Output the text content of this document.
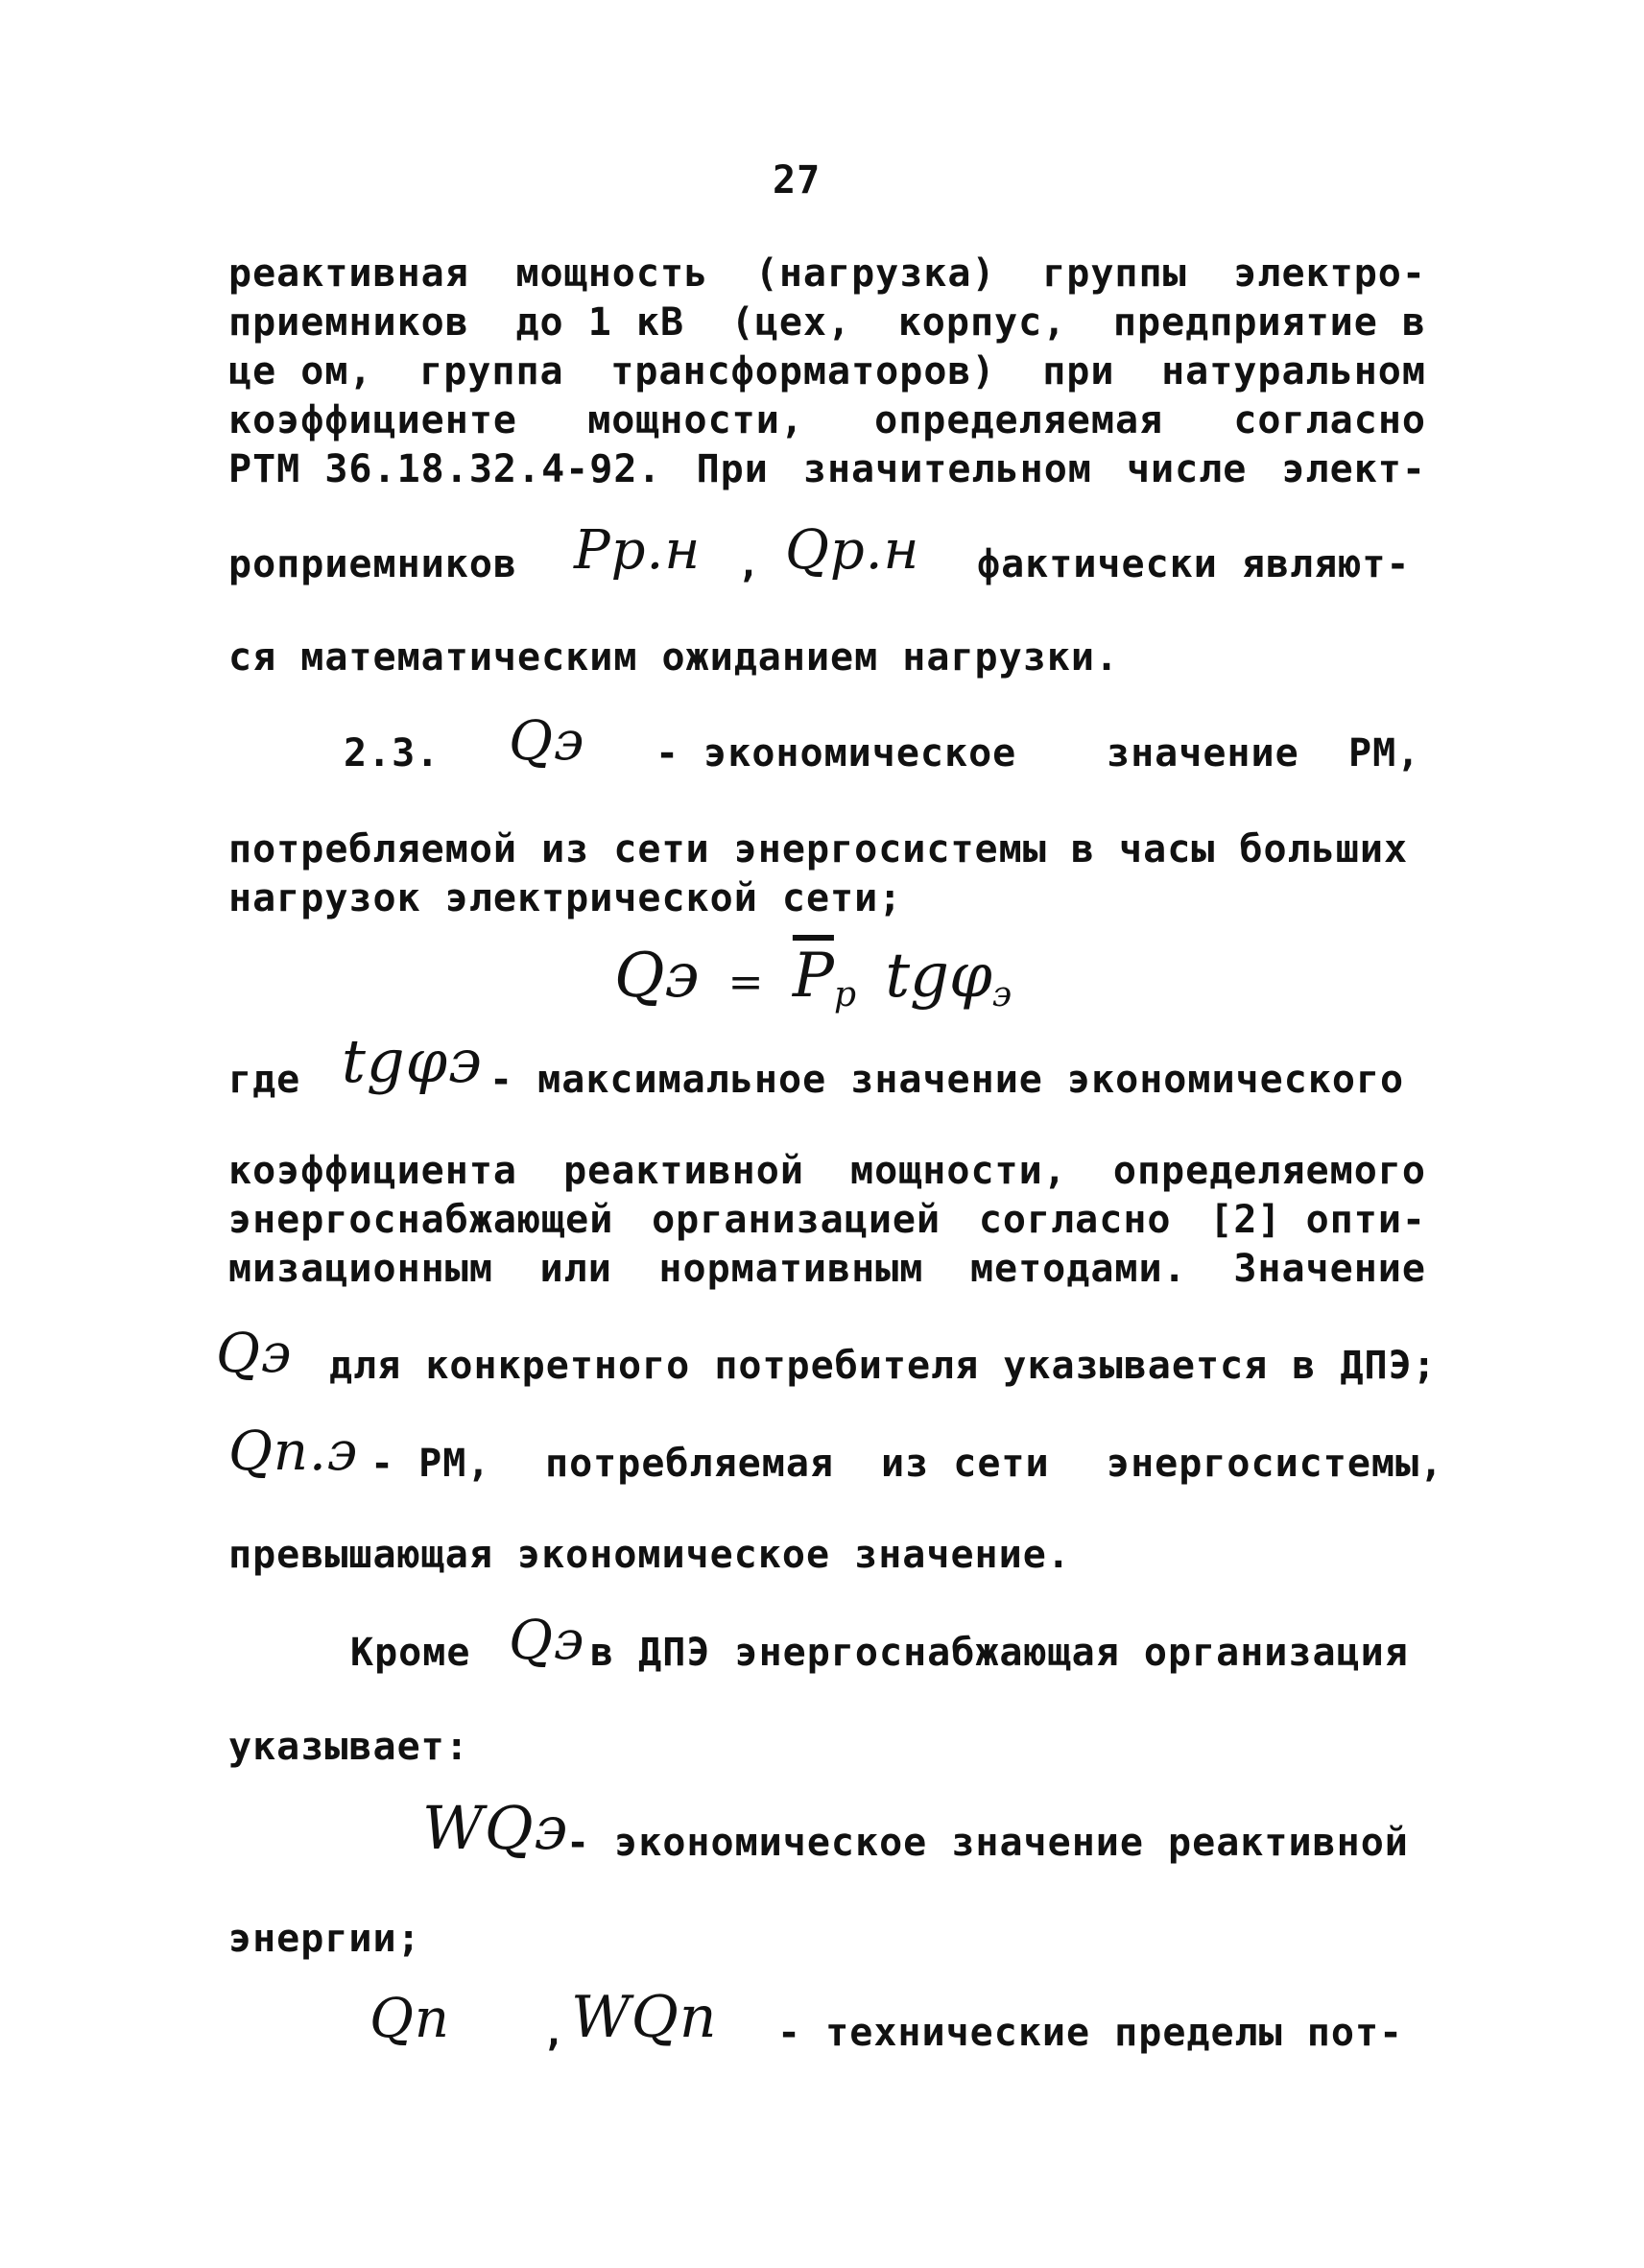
27
реактивная мощность (нагрузка) группы электро-
приемников до 1 кВ (цех, корпус, предприятие в
це ом, группа трансформаторов) при натуральном
коэффициенте мощности, определяемая согласно
РТМ 36.18.32.4-92. При значительном числе элект-
роприемников Pр.н , Qр.н фактически являют-
ся математическим ожиданием нагрузки.
2.3. Qэ - экономическое значение РМ,
потребляемой из сети энергосистемы в часы больших
нагрузок электрической сети;
Qэ = $\overline{P}_р$ tgφ$_э$
где tgφэ - максимальное значение экономического
коэффициента реактивной мощности, определяемого
энергоснабжающей организацией согласно [2] опти-
мизационным или нормативным методами. Значение
Qэ для конкретного потребителя указывается в ДПЭ;
Qп.э - РМ, потребляемая из сети энергосистемы,
превышающая экономическое значение.
Кроме Qэ в ДПЭ энергоснабжающая организация
указывает:
WQэ
- экономическое значение реактивной
энергии;
Qп , WQп - технические пределы пот-
